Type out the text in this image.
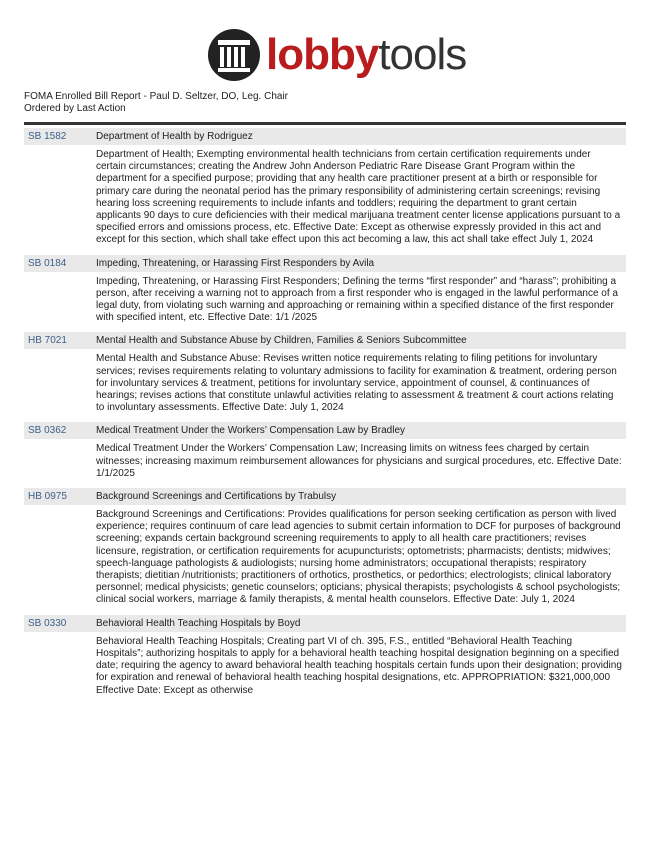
lobbytools
FOMA Enrolled Bill Report - Paul D. Seltzer, DO, Leg. Chair
Ordered by Last Action
SB 1582	Department of Health by Rodriguez
Department of Health; Exempting environmental health technicians from certain certification requirements under certain circumstances; creating the Andrew John Anderson Pediatric Rare Disease Grant Program within the department for a specified purpose; providing that any health care practitioner present at a birth or responsible for primary care during the neonatal period has the primary responsibility of administering certain screenings; revising hearing loss screening requirements to include infants and toddlers; requiring the department to grant certain applicants 90 days to cure deficiencies with their medical marijuana treatment center license applications pursuant to a specified errors and omissions process, etc. Effective Date: Except as otherwise expressly provided in this act and except for this section, which shall take effect upon this act becoming a law, this act shall take effect July 1, 2024
SB 0184	Impeding, Threatening, or Harassing First Responders by Avila
Impeding, Threatening, or Harassing First Responders; Defining the terms “first responder” and “harass”; prohibiting a person, after receiving a warning not to approach from a first responder who is engaged in the lawful performance of a legal duty, from violating such warning and approaching or remaining within a specified distance of the first responder with specified intent, etc. Effective Date: 1/1 /2025
HB 7021	Mental Health and Substance Abuse by Children, Families & Seniors Subcommittee
Mental Health and Substance Abuse: Revises written notice requirements relating to filing petitions for involuntary services; revises requirements relating to voluntary admissions to facility for examination & treatment, ordering person for involuntary services & treatment, petitions for involuntary service, appointment of counsel, & continuances of hearings; revises actions that constitute unlawful activities relating to assessment & treatment & court actions relating to involuntary assessments. Effective Date: July 1, 2024
SB 0362	Medical Treatment Under the Workers’ Compensation Law by Bradley
Medical Treatment Under the Workers’ Compensation Law; Increasing limits on witness fees charged by certain witnesses; increasing maximum reimbursement allowances for physicians and surgical procedures, etc. Effective Date: 1/1/2025
HB 0975	Background Screenings and Certifications by Trabulsy
Background Screenings and Certifications: Provides qualifications for person seeking certification as person with lived experience; requires continuum of care lead agencies to submit certain information to DCF for purposes of background screening; expands certain background screening requirements to apply to all health care practitioners; revises licensure, registration, or certification requirements for acupuncturists; optometrists; pharmacists; dentists; midwives; speech-language pathologists & audiologists; nursing home administrators; occupational therapists; respiratory therapists; dietitian /nutritionists; practitioners of orthotics, prosthetics, or pedorthics; electrologists; clinical laboratory personnel; medical physicists; genetic counselors; opticians; physical therapists; psychologists & school psychologists; clinical social workers, marriage & family therapists, & mental health counselors. Effective Date: July 1, 2024
SB 0330	Behavioral Health Teaching Hospitals by Boyd
Behavioral Health Teaching Hospitals; Creating part VI of ch. 395, F.S., entitled “Behavioral Health Teaching Hospitals”; authorizing hospitals to apply for a behavioral health teaching hospital designation beginning on a specified date; requiring the agency to award behavioral health teaching hospitals certain funds upon their designation; providing for expiration and renewal of behavioral health teaching hospital designations, etc. APPROPRIATION: $321,000,000 Effective Date: Except as otherwise
